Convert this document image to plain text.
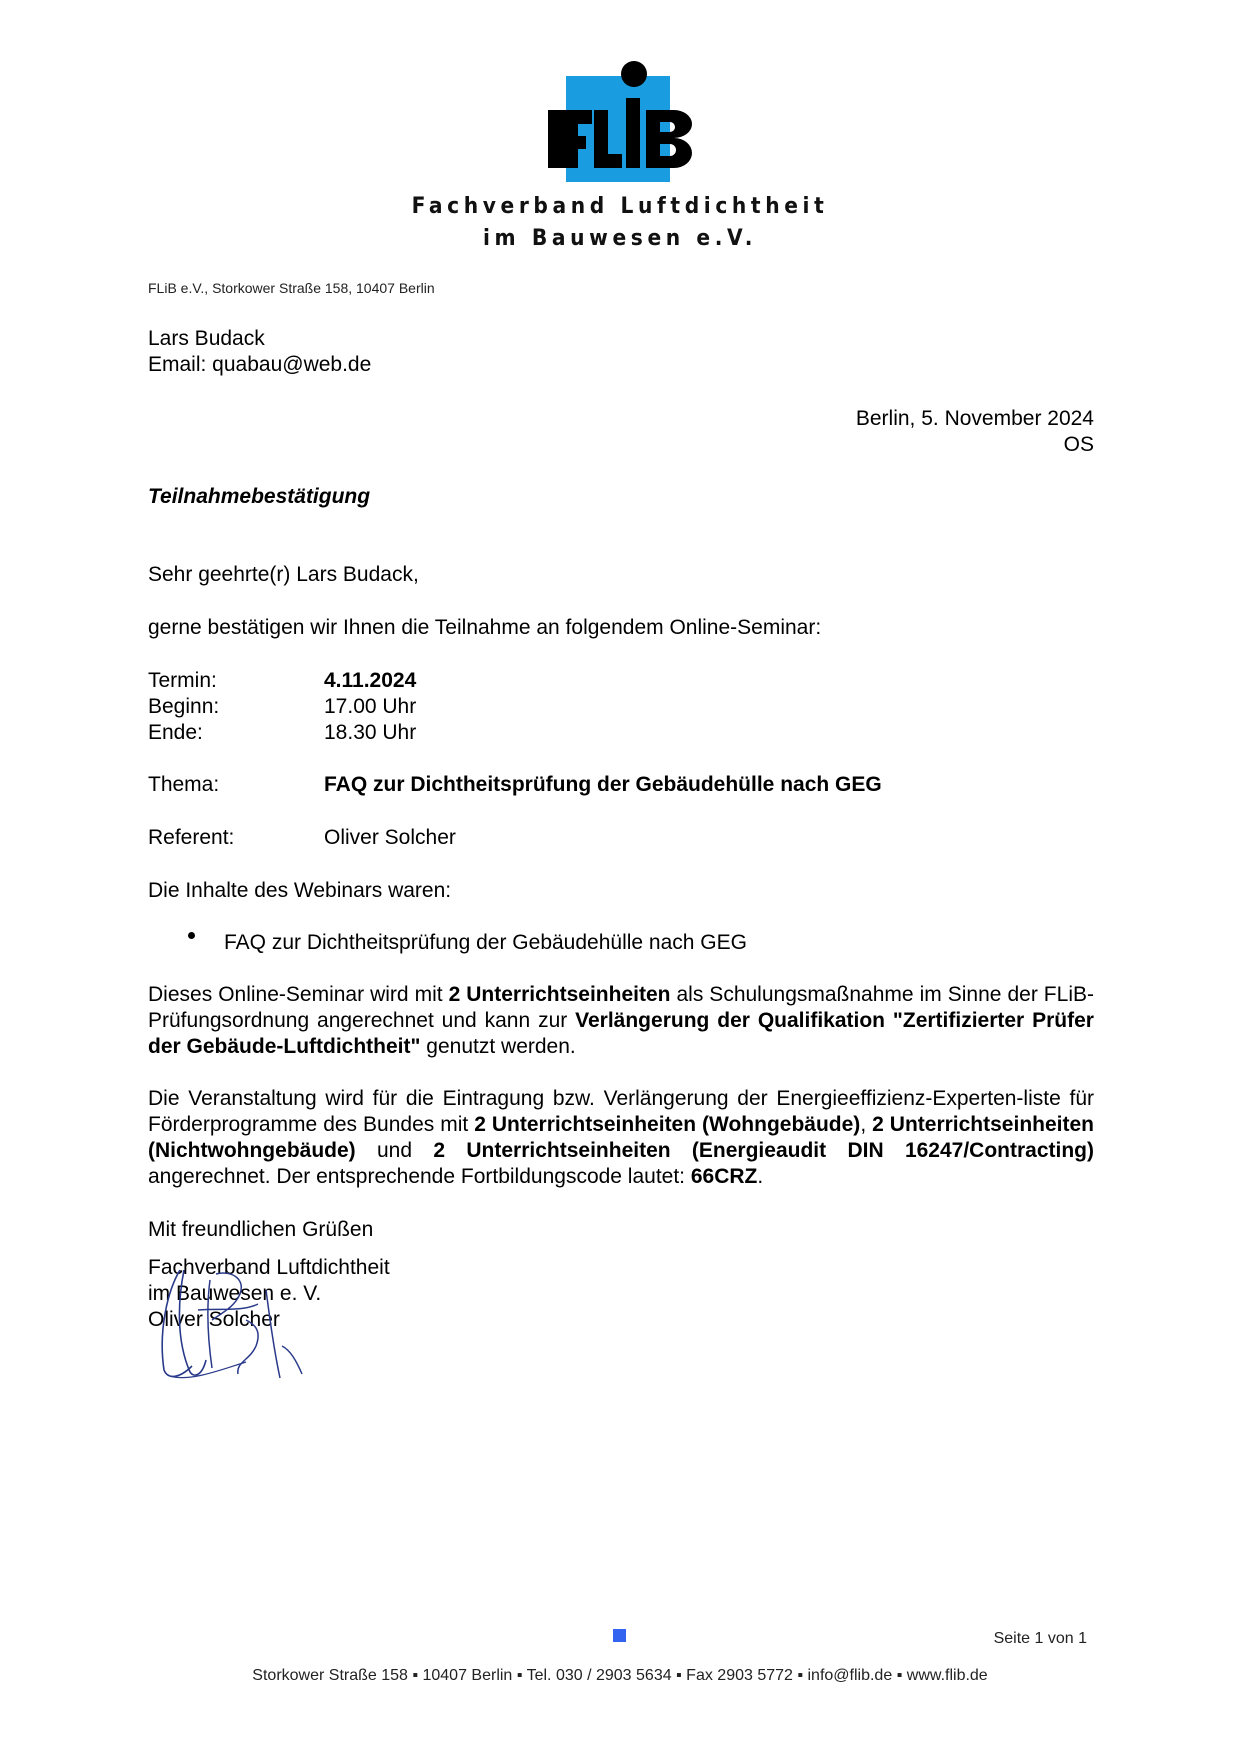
Fachverband Luftdichtheit
im Bauwesen e.V.
FLiB e.V., Storkower Straße 158, 10407 Berlin
Lars Budack
Email: quabau@web.de
Berlin, 5. November 2024
OS
Teilnahmebestätigung
Sehr geehrte(r) Lars Budack,
gerne bestätigen wir Ihnen die Teilnahme an folgendem Online-Seminar:
Termin:	4.11.2024
Beginn:	17.00 Uhr
Ende:	18.30 Uhr
Thema:	FAQ zur Dichtheitsprüfung der Gebäudehülle nach GEG
Referent:	Oliver Solcher
Die Inhalte des Webinars waren:
FAQ zur Dichtheitsprüfung der Gebäudehülle nach GEG
Dieses Online-Seminar wird mit 2 Unterrichtseinheiten als Schulungsmaßnahme im Sinne der FLiB-Prüfungsordnung angerechnet und kann zur Verlängerung der Qualifikation "Zertifizierter Prüfer der Gebäude-Luftdichtheit" genutzt werden.
Die Veranstaltung wird für die Eintragung bzw. Verlängerung der Energieeffizienz-Experten-liste für Förderprogramme des Bundes mit 2 Unterrichtseinheiten (Wohngebäude), 2 Unterrichtseinheiten (Nichtwohngebäude) und 2 Unterrichtseinheiten (Energieaudit DIN 16247/Contracting) angerechnet. Der entsprechende Fortbildungscode lautet: 66CRZ.
Mit freundlichen Grüßen
Fachverband Luftdichtheit
im Bauwesen e. V.
Oliver Solcher
Seite 1 von 1
Storkower Straße 158 ▪ 10407 Berlin ▪ Tel. 030 / 2903 5634 ▪ Fax 2903 5772 ▪ info@flib.de ▪ www.flib.de
